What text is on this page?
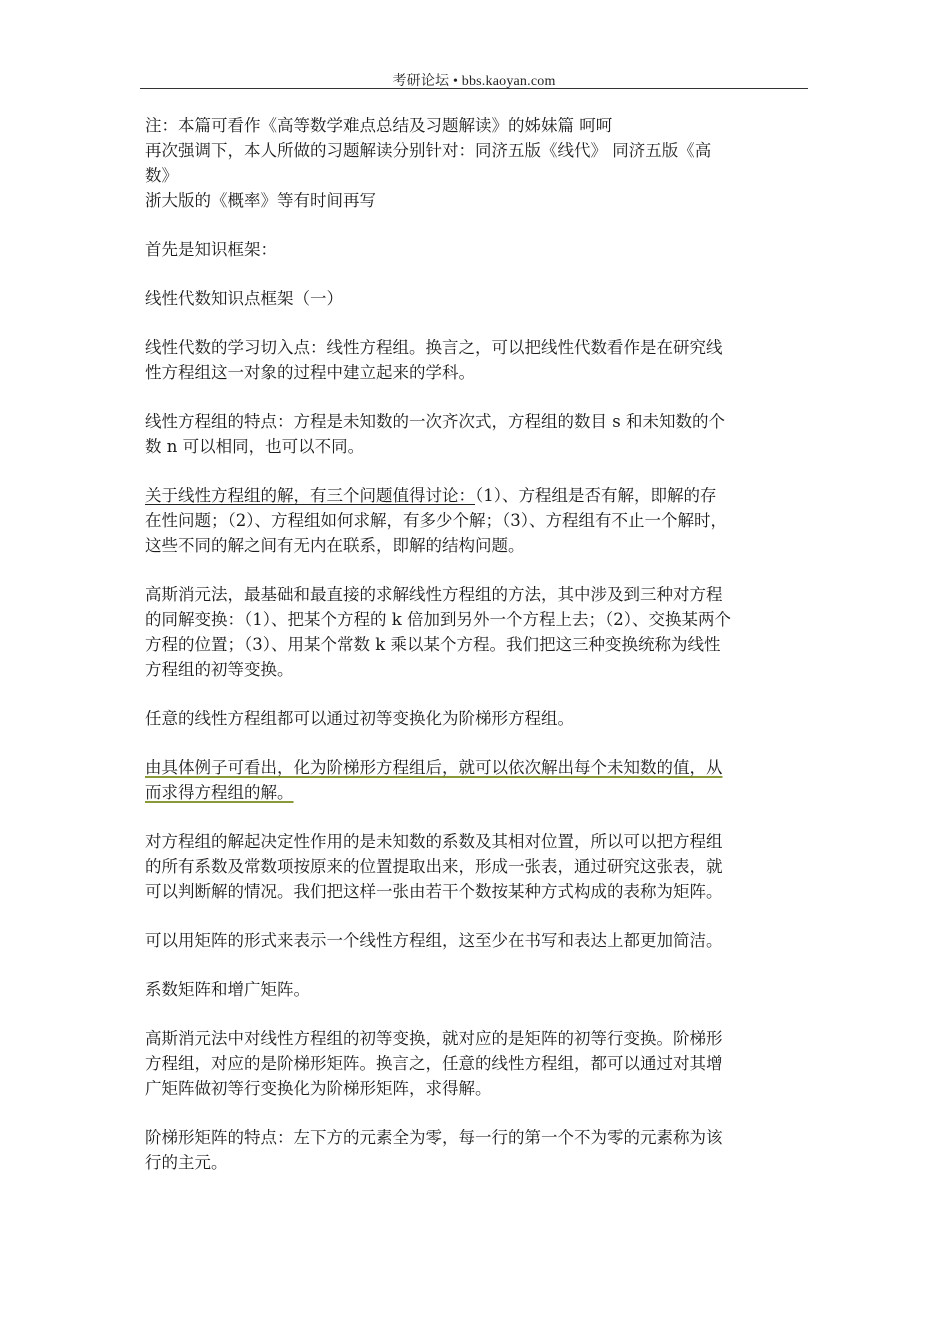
考研论坛 • bbs.kaoyan.com

注：本篇可看作《高等数学难点总结及习题解读》的姊妹篇 呵呵
再次强调下，本人所做的习题解读分别针对：同济五版《线代》 同济五版《高
数》
浙大版的《概率》等有时间再写

首先是知识框架：

线性代数知识点框架（一）

线性代数的学习切入点：线性方程组。换言之，可以把线性代数看作是在研究线
性方程组这一对象的过程中建立起来的学科。

线性方程组的特点：方程是未知数的一次齐次式，方程组的数目 s 和未知数的个
数 n 可以相同，也可以不同。

关于线性方程组的解，有三个问题值得讨论：（1）、方程组是否有解，即解的存
在性问题；（2）、方程组如何求解，有多少个解；（3）、方程组有不止一个解时，
这些不同的解之间有无内在联系，即解的结构问题。

高斯消元法，最基础和最直接的求解线性方程组的方法，其中涉及到三种对方程
的同解变换：（1）、把某个方程的 k 倍加到另外一个方程上去；（2）、交换某两个
方程的位置；（3）、用某个常数 k 乘以某个方程。我们把这三种变换统称为线性
方程组的初等变换。

任意的线性方程组都可以通过初等变换化为阶梯形方程组。

由具体例子可看出，化为阶梯形方程组后，就可以依次解出每个未知数的值，从
而求得方程组的解。

对方程组的解起决定性作用的是未知数的系数及其相对位置，所以可以把方程组
的所有系数及常数项按原来的位置提取出来，形成一张表，通过研究这张表，就
可以判断解的情况。我们把这样一张由若干个数按某种方式构成的表称为矩阵。

可以用矩阵的形式来表示一个线性方程组，这至少在书写和表达上都更加简洁。

系数矩阵和增广矩阵。

高斯消元法中对线性方程组的初等变换，就对应的是矩阵的初等行变换。阶梯形
方程组，对应的是阶梯形矩阵。换言之，任意的线性方程组，都可以通过对其增
广矩阵做初等行变换化为阶梯形矩阵，求得解。

阶梯形矩阵的特点：左下方的元素全为零，每一行的第一个不为零的元素称为该
行的主元。
